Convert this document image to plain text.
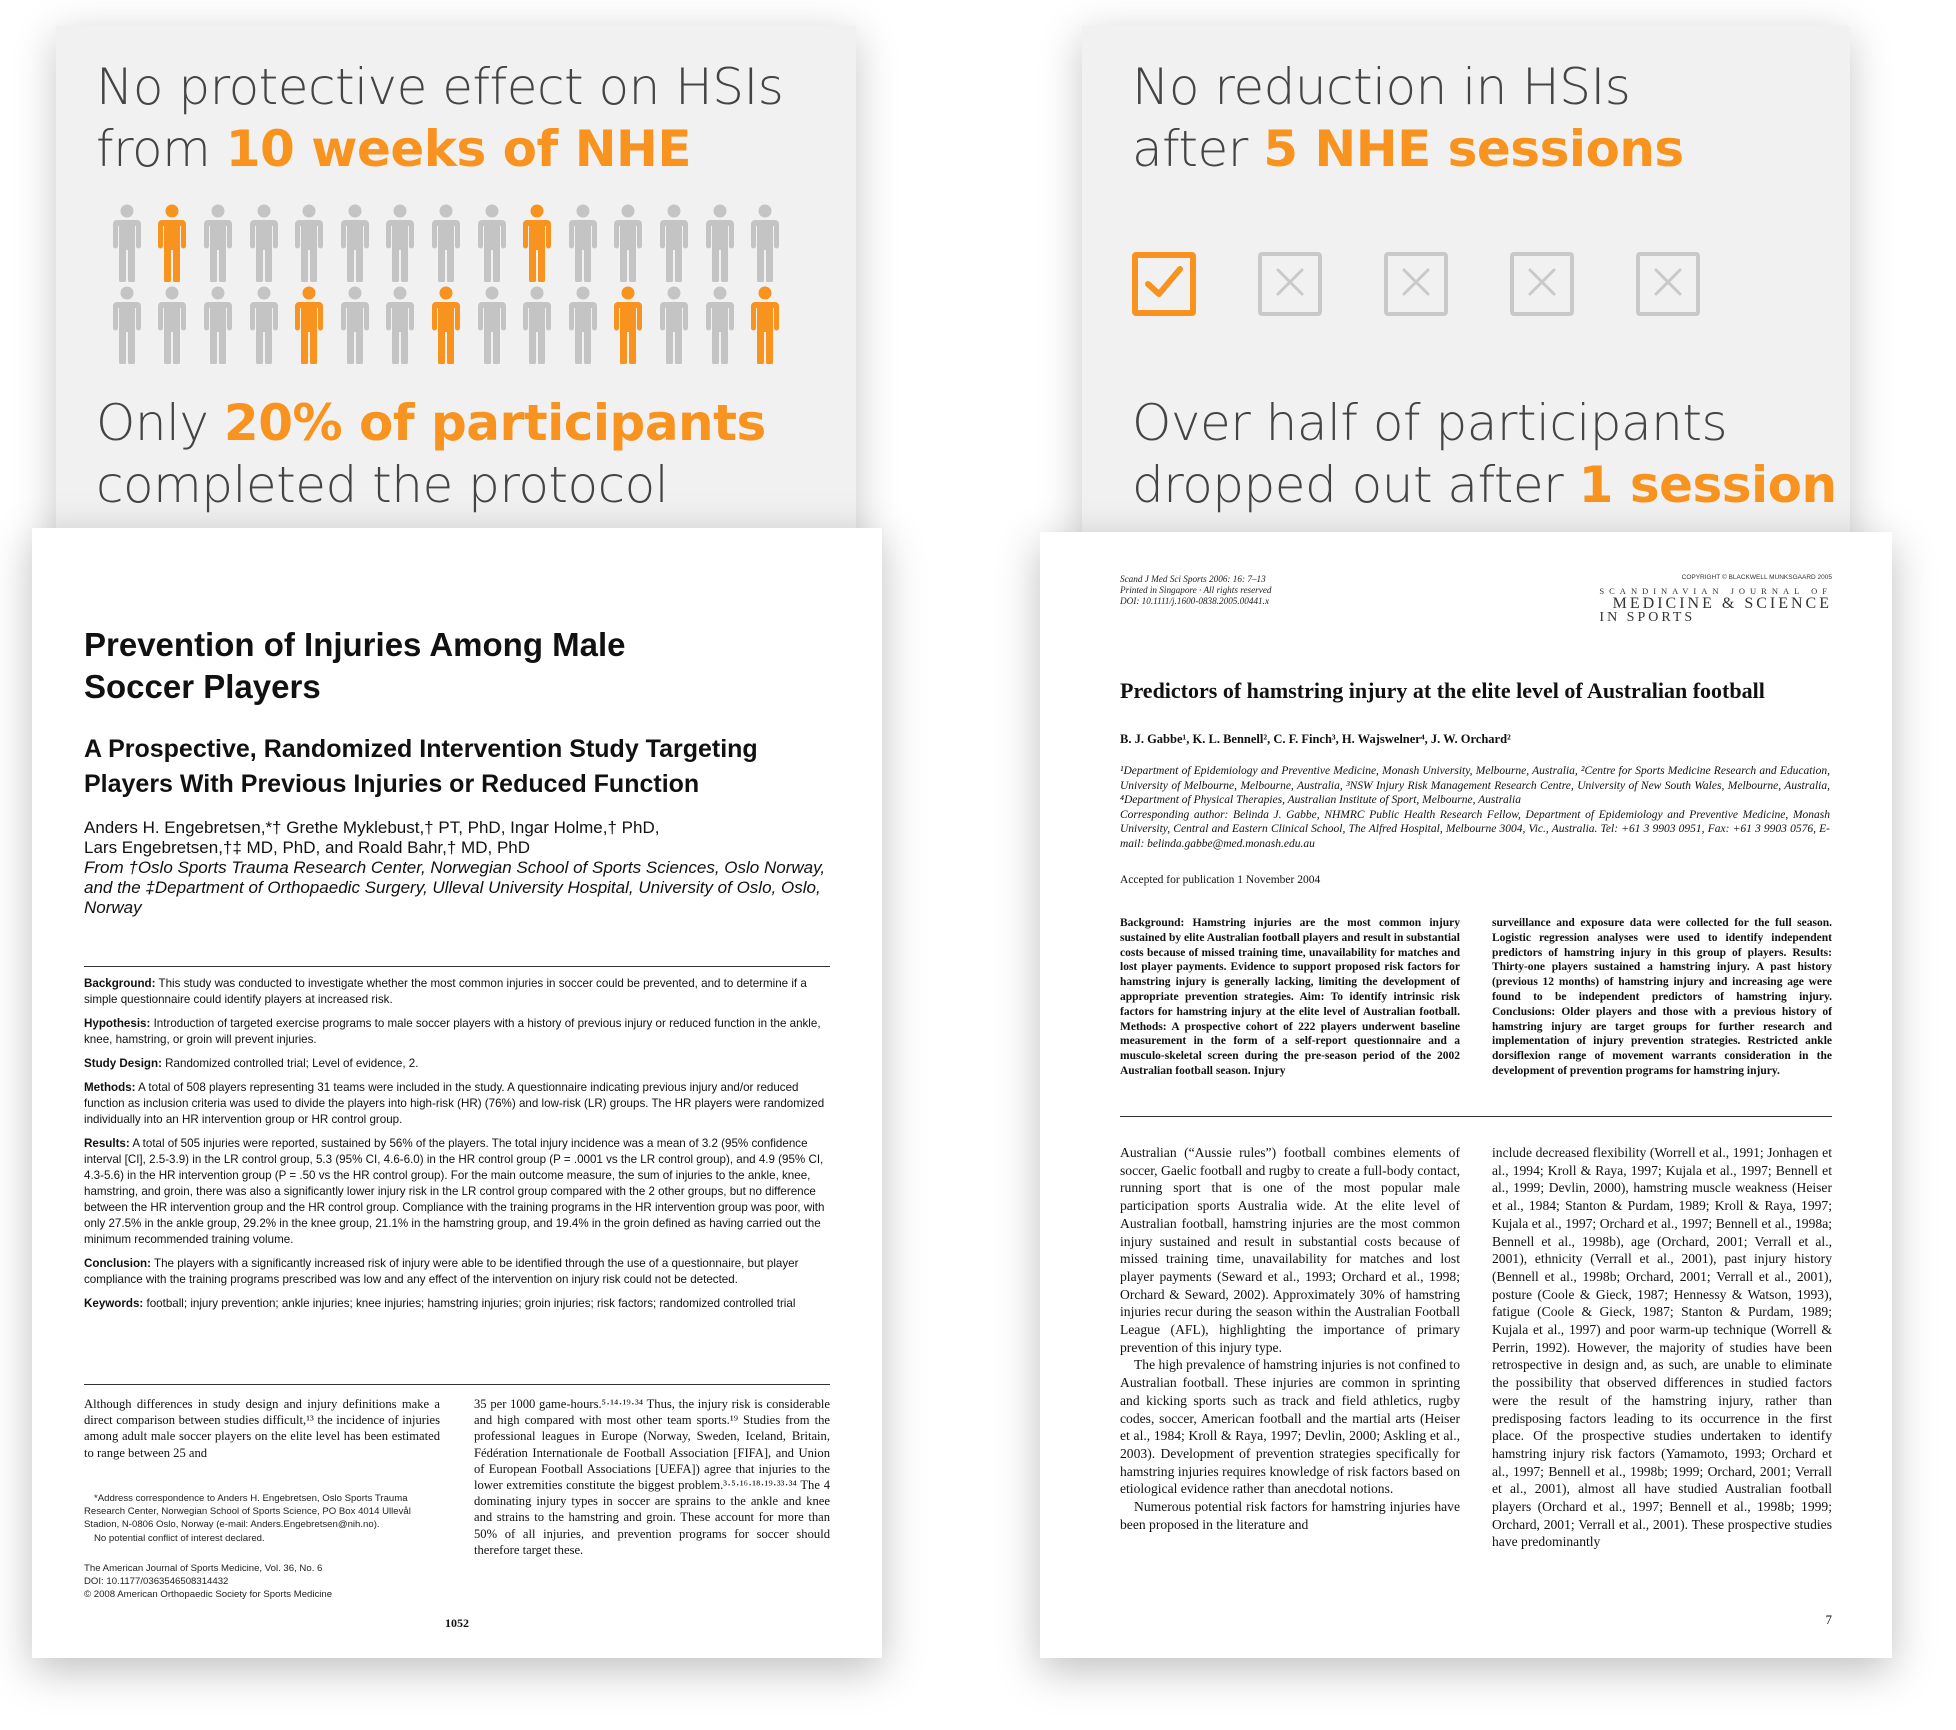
No protective effect on HSIs
from 10 weeks of NHE
Only 20% of participants
completed the protocol
No reduction in HSIs
after 5 NHE sessions
Over half of participants
dropped out after 1 session
Prevention of Injuries Among Male Soccer Players
A Prospective, Randomized Intervention Study Targeting Players With Previous Injuries or Reduced Function
Anders H. Engebretsen,*† Grethe Myklebust,† PT, PhD, Ingar Holme,† PhD,
Lars Engebretsen,†‡ MD, PhD, and Roald Bahr,† MD, PhD
From †Oslo Sports Trauma Research Center, Norwegian School of Sports Sciences, Oslo Norway, and the ‡Department of Orthopaedic Surgery, Ulleval University Hospital, University of Oslo, Oslo, Norway

Background: This study was conducted to investigate whether the most common injuries in soccer could be prevented, and to determine if a simple questionnaire could identify players at increased risk.

Hypothesis: Introduction of targeted exercise programs to male soccer players with a history of previous injury or reduced function in the ankle, knee, hamstring, or groin will prevent injuries.

Study Design: Randomized controlled trial; Level of evidence, 2.

Methods: A total of 508 players representing 31 teams were included in the study. A questionnaire indicating previous injury and/or reduced function as inclusion criteria was used to divide the players into high-risk (HR) (76%) and low-risk (LR) groups. The HR players were randomized individually into an HR intervention group or HR control group.

Results: A total of 505 injuries were reported, sustained by 56% of the players. The total injury incidence was a mean of 3.2 (95% confidence interval [CI], 2.5-3.9) in the LR control group, 5.3 (95% CI, 4.6-6.0) in the HR control group (P = .0001 vs the LR control group), and 4.9 (95% CI, 4.3-5.6) in the HR intervention group (P = .50 vs the HR control group). For the main outcome measure, the sum of injuries to the ankle, knee, hamstring, and groin, there was also a significantly lower injury risk in the LR control group compared with the 2 other groups, but no difference between the HR intervention group and the HR control group. Compliance with the training programs in the HR intervention group was poor, with only 27.5% in the ankle group, 29.2% in the knee group, 21.1% in the hamstring group, and 19.4% in the groin defined as having carried out the minimum recommended training volume.

Conclusion: The players with a significantly increased risk of injury were able to be identified through the use of a questionnaire, but player compliance with the training programs prescribed was low and any effect of the intervention on injury risk could not be detected.

Keywords: football; injury prevention; ankle injuries; knee injuries; hamstring injuries; groin injuries; risk factors; randomized controlled trial

Although differences in study design and injury definitions make a direct comparison between studies difficult,¹³ the incidence of injuries among adult male soccer players on the elite level has been estimated to range between 25 and
35 per 1000 game-hours.⁵·¹⁴·¹⁹·³⁴ Thus, the injury risk is considerable and high compared with most other team sports.¹⁹ Studies from the professional leagues in Europe (Norway, Sweden, Iceland, Britain, Fédération Internationale de Football Association [FIFA], and Union of European Football Associations [UEFA]) agree that injuries to the lower extremities constitute the biggest problem.³·⁵·¹⁶·¹⁸·¹⁹·³³·³⁴ The 4 dominating injury types in soccer are sprains to the ankle and knee and strains to the hamstring and groin. These account for more than 50% of all injuries, and prevention programs for soccer should therefore target these.
*Address correspondence to Anders H. Engebretsen, Oslo Sports Trauma Research Center, Norwegian School of Sports Science, PO Box 4014 Ullevål Stadion, N-0806 Oslo, Norway (e-mail: Anders.Engebretsen@nih.no).
No potential conflict of interest declared.
The American Journal of Sports Medicine, Vol. 36, No. 6
DOI: 10.1177/0363546508314432
© 2008 American Orthopaedic Society for Sports Medicine
1052
Scand J Med Sci Sports 2006: 16: 7–13
Printed in Singapore · All rights reserved
DOI: 10.1111/j.1600-0838.2005.00441.x
COPYRIGHT © BLACKWELL MUNKSGAARD 2005
SCANDINAVIAN JOURNAL OF
MEDICINE & SCIENCE
IN SPORTS
Predictors of hamstring injury at the elite level of Australian football
B. J. Gabbe¹, K. L. Bennell², C. F. Finch³, H. Wajswelner⁴, J. W. Orchard²
¹Department of Epidemiology and Preventive Medicine, Monash University, Melbourne, Australia, ²Centre for Sports Medicine Research and Education, University of Melbourne, Melbourne, Australia, ³NSW Injury Risk Management Research Centre, University of New South Wales, Melbourne, Australia, ⁴Department of Physical Therapies, Australian Institute of Sport, Melbourne, Australia
Corresponding author: Belinda J. Gabbe, NHMRC Public Health Research Fellow, Department of Epidemiology and Preventive Medicine, Monash University, Central and Eastern Clinical School, The Alfred Hospital, Melbourne 3004, Vic., Australia. Tel: +61 3 9903 0951, Fax: +61 3 9903 0576, E-mail: belinda.gabbe@med.monash.edu.au
Accepted for publication 1 November 2004
Background: Hamstring injuries are the most common injury sustained by elite Australian football players and result in substantial costs because of missed training time, unavailability for matches and lost player payments. Evidence to support proposed risk factors for hamstring injury is generally lacking, limiting the development of appropriate prevention strategies. Aim: To identify intrinsic risk factors for hamstring injury at the elite level of Australian football. Methods: A prospective cohort of 222 players underwent baseline measurement in the form of a self-report questionnaire and a musculo-skeletal screen during the pre-season period of the 2002 Australian football season. Injury
surveillance and exposure data were collected for the full season. Logistic regression analyses were used to identify independent predictors of hamstring injury in this group of players. Results: Thirty-one players sustained a hamstring injury. A past history (previous 12 months) of hamstring injury and increasing age were found to be independent predictors of hamstring injury. Conclusions: Older players and those with a previous history of hamstring injury are target groups for further research and implementation of injury prevention strategies. Restricted ankle dorsiflexion range of movement warrants consideration in the development of prevention programs for hamstring injury.
Australian (“Aussie rules”) football combines elements of soccer, Gaelic football and rugby to create a full-body contact, running sport that is one of the most popular male participation sports Australia wide. At the elite level of Australian football, hamstring injuries are the most common injury sustained and result in substantial costs because of missed training time, unavailability for matches and lost player payments (Seward et al., 1993; Orchard et al., 1998; Orchard & Seward, 2002). Approximately 30% of hamstring injuries recur during the season within the Australian Football League (AFL), highlighting the importance of primary prevention of this injury type.
The high prevalence of hamstring injuries is not confined to Australian football. These injuries are common in sprinting and kicking sports such as track and field athletics, rugby codes, soccer, American football and the martial arts (Heiser et al., 1984; Kroll & Raya, 1997; Devlin, 2000; Askling et al., 2003). Development of prevention strategies specifically for hamstring injuries requires knowledge of risk factors based on etiological evidence rather than anecdotal notions.
Numerous potential risk factors for hamstring injuries have been proposed in the literature and
include decreased flexibility (Worrell et al., 1991; Jonhagen et al., 1994; Kroll & Raya, 1997; Kujala et al., 1997; Bennell et al., 1999; Devlin, 2000), hamstring muscle weakness (Heiser et al., 1984; Stanton & Purdam, 1989; Kroll & Raya, 1997; Kujala et al., 1997; Orchard et al., 1997; Bennell et al., 1998a; Bennell et al., 1998b), age (Orchard, 2001; Verrall et al., 2001), ethnicity (Verrall et al., 2001), past injury history (Bennell et al., 1998b; Orchard, 2001; Verrall et al., 2001), posture (Coole & Gieck, 1987; Hennessy & Watson, 1993), fatigue (Coole & Gieck, 1987; Stanton & Purdam, 1989; Kujala et al., 1997) and poor warm-up technique (Worrell & Perrin, 1992). However, the majority of studies have been retrospective in design and, as such, are unable to eliminate the possibility that observed differences in studied factors were the result of the hamstring injury, rather than predisposing factors leading to its occurrence in the first place. Of the prospective studies undertaken to identify hamstring injury risk factors (Yamamoto, 1993; Orchard et al., 1997; Bennell et al., 1998b; 1999; Orchard, 2001; Verrall et al., 2001), almost all have studied Australian football players (Orchard et al., 1997; Bennell et al., 1998b; 1999; Orchard, 2001; Verrall et al., 2001). These prospective studies have predominantly
7
